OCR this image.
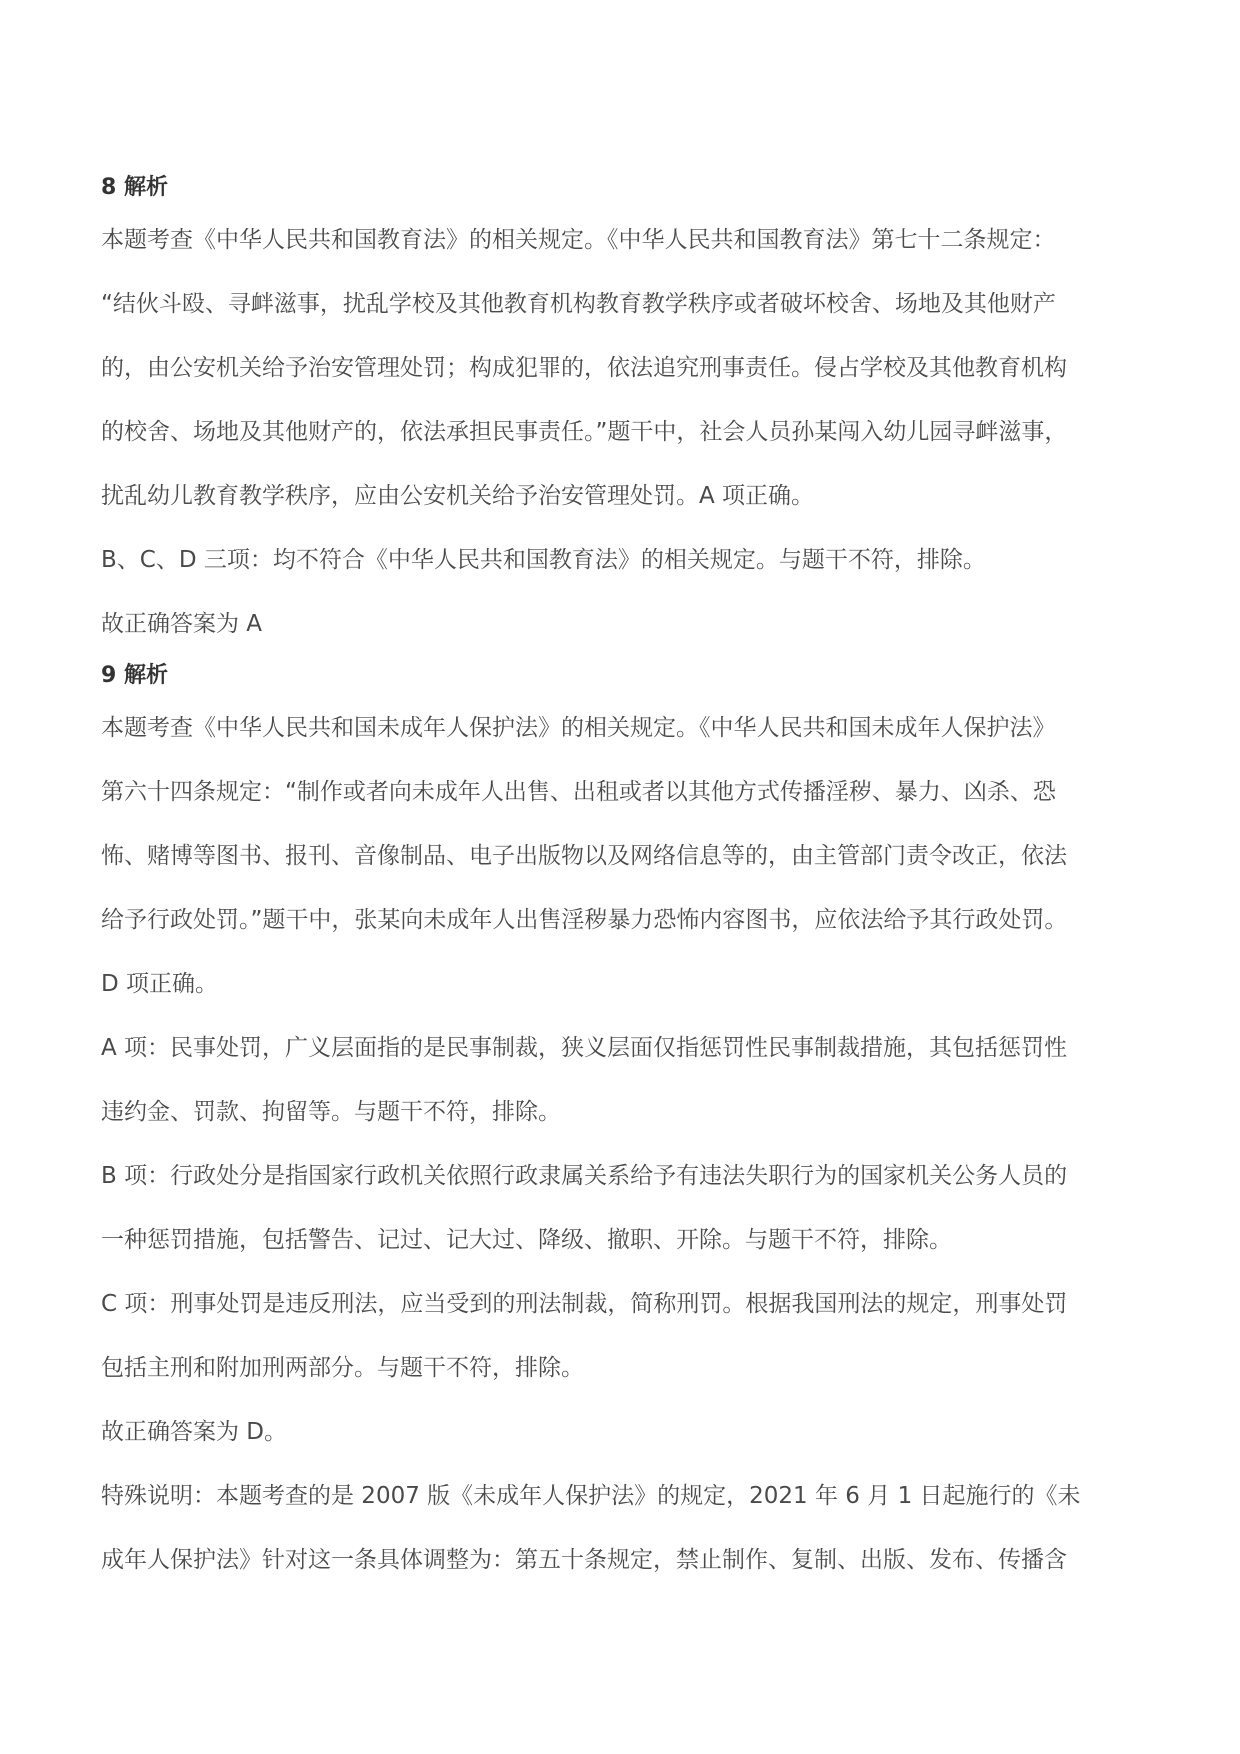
8 解析

本题考查《中华人民共和国教育法》的相关规定。《中华人民共和国教育法》第七十二条规定：

“结伙斗殴、寻衅滋事，扰乱学校及其他教育机构教育教学秩序或者破坏校舍、场地及其他财产

的，由公安机关给予治安管理处罚；构成犯罪的，依法追究刑事责任。侵占学校及其他教育机构

的校舍、场地及其他财产的，依法承担民事责任。”题干中，社会人员孙某闯入幼儿园寻衅滋事，

扰乱幼儿教育教学秩序，应由公安机关给予治安管理处罚。A 项正确。

B、C、D 三项：均不符合《中华人民共和国教育法》的相关规定。与题干不符，排除。

故正确答案为 A

9 解析

本题考查《中华人民共和国未成年人保护法》的相关规定。《中华人民共和国未成年人保护法》

第六十四条规定：“制作或者向未成年人出售、出租或者以其他方式传播淫秽、暴力、凶杀、恐

怖、赌博等图书、报刊、音像制品、电子出版物以及网络信息等的，由主管部门责令改正，依法

给予行政处罚。”题干中，张某向未成年人出售淫秽暴力恐怖内容图书，应依法给予其行政处罚。

D 项正确。

A 项：民事处罚，广义层面指的是民事制裁，狭义层面仅指惩罚性民事制裁措施，其包括惩罚性

违约金、罚款、拘留等。与题干不符，排除。

B 项：行政处分是指国家行政机关依照行政隶属关系给予有违法失职行为的国家机关公务人员的

一种惩罚措施，包括警告、记过、记大过、降级、撤职、开除。与题干不符，排除。

C 项：刑事处罚是违反刑法，应当受到的刑法制裁，简称刑罚。根据我国刑法的规定，刑事处罚

包括主刑和附加刑两部分。与题干不符，排除。

故正确答案为 D。

特殊说明：本题考查的是 2007 版《未成年人保护法》的规定，2021 年 6 月 1 日起施行的《未

成年人保护法》针对这一条具体调整为：第五十条规定，禁止制作、复制、出版、发布、传播含
